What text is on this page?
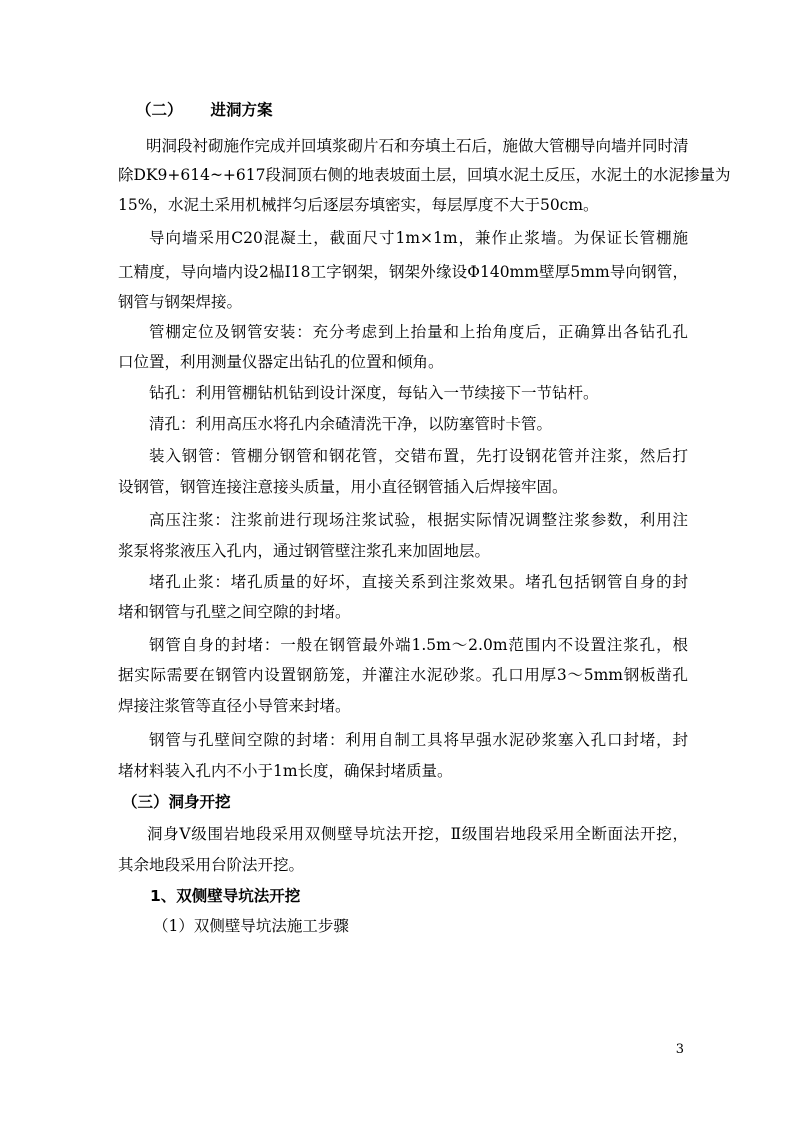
（二） 进洞方案
明洞段衬砌施作完成并回填浆砌片石和夯填土石后，施做大管棚导向墙并同时清
除DK9+614~+617段洞顶右侧的地表坡面土层，回填水泥土反压，水泥土的水泥掺量为
15%，水泥土采用机械拌匀后逐层夯填密实，每层厚度不大于50cm。
导向墙采用C20混凝土，截面尺寸1m×1m，兼作止浆墙。为保证长管棚施
工精度，导向墙内设2榀I18工字钢架，钢架外缘设Φ140mm壁厚5mm导向钢管，
钢管与钢架焊接。
管棚定位及钢管安装：充分考虑到上抬量和上抬角度后，正确算出各钻孔孔
口位置，利用测量仪器定出钻孔的位置和倾角。
钻孔：利用管棚钻机钻到设计深度，每钻入一节续接下一节钻杆。
清孔：利用高压水将孔内余碴清洗干净，以防塞管时卡管。
装入钢管：管棚分钢管和钢花管，交错布置，先打设钢花管并注浆，然后打
设钢管，钢管连接注意接头质量，用小直径钢管插入后焊接牢固。
高压注浆：注浆前进行现场注浆试验，根据实际情况调整注浆参数，利用注
浆泵将浆液压入孔内，通过钢管壁注浆孔来加固地层。
堵孔止浆：堵孔质量的好坏，直接关系到注浆效果。堵孔包括钢管自身的封
堵和钢管与孔壁之间空隙的封堵。
钢管自身的封堵：一般在钢管最外端1.5m～2.0m范围内不设置注浆孔，根
据实际需要在钢管内设置钢筋笼，并灌注水泥砂浆。孔口用厚3～5mm钢板凿孔
焊接注浆管等直径小导管来封堵。
钢管与孔壁间空隙的封堵：利用自制工具将早强水泥砂浆塞入孔口封堵，封
堵材料装入孔内不小于1m长度，确保封堵质量。
（三）洞身开挖
洞身Ⅴ级围岩地段采用双侧壁导坑法开挖，Ⅱ级围岩地段采用全断面法开挖，
其余地段采用台阶法开挖。
1、双侧壁导坑法开挖
（1）双侧壁导坑法施工步骤
3
